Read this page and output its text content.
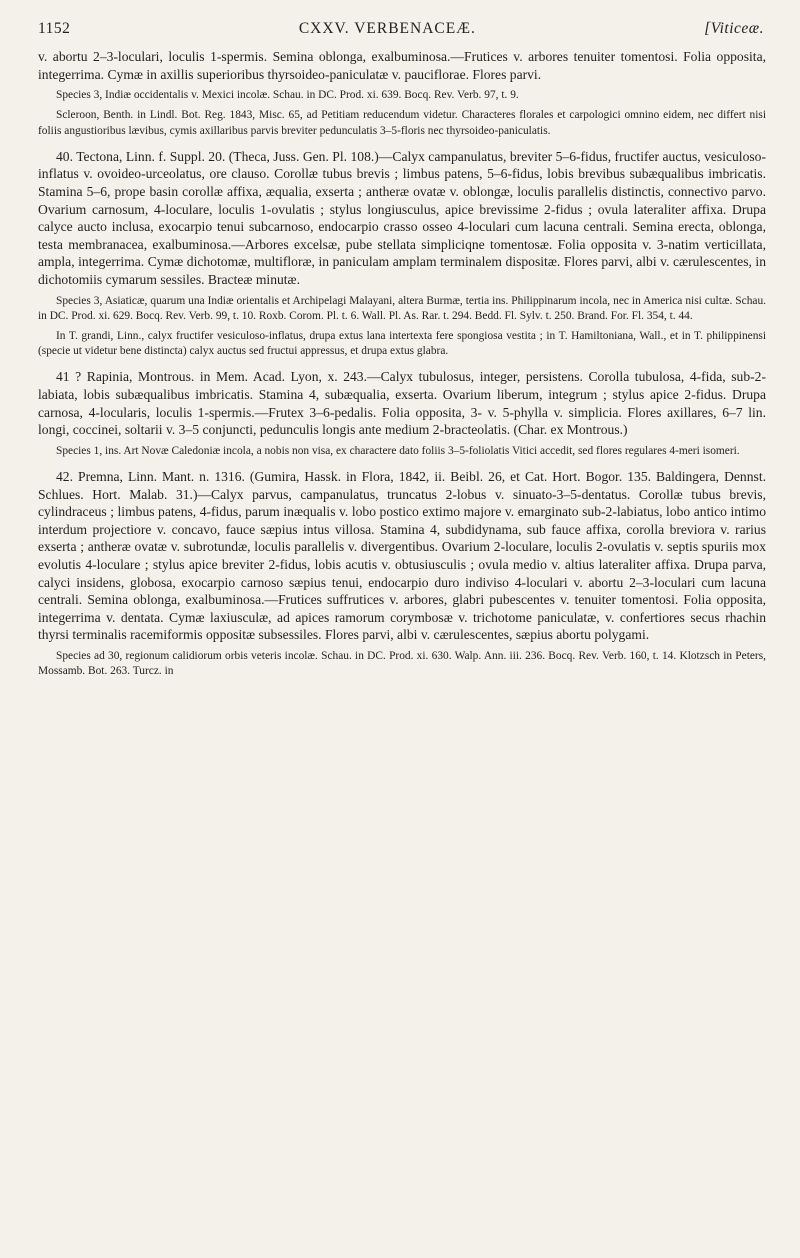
1152	CXXV. VERBENACEÆ.	[Viticeæ.

v. abortu 2–3-loculari, loculis 1-spermis. Semina oblonga, exalbuminosa.—Frutices v. arbores tenuiter tomentosi. Folia opposita, integerrima. Cymæ in axillis superioribus thyrsoideo-paniculatæ v. pauciflorae. Flores parvi.

Species 3, Indiæ occidentalis v. Mexici incolæ. Schau. in DC. Prod. xi. 639. Bocq. Rev. Verb. 97, t. 9.

Scleroon, Benth. in Lindl. Bot. Reg. 1843, Misc. 65, ad Petitiam reducendum videtur. Characteres florales et carpologici omnino eidem, nec differt nisi foliis angustioribus lævibus, cymis axillaribus parvis breviter pedunculatis 3–5-floris nec thyrsoideo-paniculatis.

40. Tectona, Linn. f. Suppl. 20. (Theca, Juss. Gen. Pl. 108.)—Calyx campanulatus, breviter 5–6-fidus, fructifer auctus, vesiculoso-inflatus v. ovoideo-urceolatus, ore clauso. Corollæ tubus brevis ; limbus patens, 5–6-fidus, lobis brevibus subæqualibus imbricatis. Stamina 5–6, prope basin corollæ affixa, æqualia, exserta ; antheræ ovatæ v. oblongæ, loculis parallelis distinctis, connectivo parvo. Ovarium carnosum, 4-loculare, loculis 1-ovulatis ; stylus longiusculus, apice brevissime 2-fidus ; ovula lateraliter affixa. Drupa calyce aucto inclusa, exocarpio tenui subcarnoso, endocarpio crasso osseo 4-loculari cum lacuna centrali. Semina erecta, oblonga, testa membranacea, exalbuminosa.—Arbores excelsæ, pube stellata simpliciqne tomentosæ. Folia opposita v. 3-natim verticillata, ampla, integerrima. Cymæ dichotomæ, multifloræ, in paniculam amplam terminalem dispositæ. Flores parvi, albi v. cærulescentes, in dichotomiis cymarum sessiles. Bracteæ minutæ.

Species 3, Asiaticæ, quarum una Indiæ orientalis et Archipelagi Malayani, altera Burmæ, tertia ins. Philippinarum incola, nec in America nisi cultæ. Schau. in DC. Prod. xi. 629. Bocq. Rev. Verb. 99, t. 10. Roxb. Corom. Pl. t. 6. Wall. Pl. As. Rar. t. 294. Bedd. Fl. Sylv. t. 250. Brand. For. Fl. 354, t. 44.

In T. grandi, Linn., calyx fructifer vesiculoso-inflatus, drupa extus lana intertexta fere spongiosa vestita ; in T. Hamiltoniana, Wall., et in T. philippinensi (specie ut videtur bene distincta) calyx auctus sed fructui appressus, et drupa extus glabra.

41 ? Rapinia, Montrous. in Mem. Acad. Lyon, x. 243.—Calyx tubulosus, integer, persistens. Corolla tubulosa, 4-fida, sub-2-labiata, lobis subæqualibus imbricatis. Stamina 4, subæqualia, exserta. Ovarium liberum, integrum ; stylus apice 2-fidus. Drupa carnosa, 4-locularis, loculis 1-spermis.—Frutex 3–6-pedalis. Folia opposita, 3- v. 5-phylla v. simplicia. Flores axillares, 6–7 lin. longi, coccinei, soltarii v. 3–5 conjuncti, pedunculis longis ante medium 2-bracteolatis. (Char. ex Montrous.)

Species 1, ins. Art Novæ Caledoniæ incola, a nobis non visa, ex charactere dato foliis 3–5-foliolatis Vitici accedit, sed flores regulares 4-meri isomeri.

42. Premna, Linn. Mant. n. 1316. (Gumira, Hassk. in Flora, 1842, ii. Beibl. 26, et Cat. Hort. Bogor. 135. Baldingera, Dennst. Schlues. Hort. Malab. 31.)—Calyx parvus, campanulatus, truncatus 2-lobus v. sinuato-3–5-dentatus. Corollæ tubus brevis, cylindraceus ; limbus patens, 4-fidus, parum inæqualis v. lobo postico extimo majore v. emarginato sub-2-labiatus, lobo antico intimo interdum projectiore v. concavo, fauce sæpius intus villosa. Stamina 4, subdidynama, sub fauce affixa, corolla breviora v. rarius exserta ; antheræ ovatæ v. subrotundæ, loculis parallelis v. divergentibus. Ovarium 2-loculare, loculis 2-ovulatis v. septis spuriis mox evolutis 4-loculare ; stylus apice breviter 2-fidus, lobis acutis v. obtusiusculis ; ovula medio v. altius lateraliter affixa. Drupa parva, calyci insidens, globosa, exocarpio carnoso sæpius tenui, endocarpio duro indiviso 4-loculari v. abortu 2–3-loculari cum lacuna centrali. Semina oblonga, exalbuminosa.—Frutices suffrutices v. arbores, glabri pubescentes v. tenuiter tomentosi. Folia opposita, integerrima v. dentata. Cymæ laxiusculæ, ad apices ramorum corymbosæ v. trichotome paniculatæ, v. confertiores secus rhachin thyrsi terminalis racemiformis oppositæ subsessiles. Flores parvi, albi v. cærulescentes, sæpius abortu polygami.

Species ad 30, regionum calidiorum orbis veteris incolæ. Schau. in DC. Prod. xi. 630. Walp. Ann. iii. 236. Bocq. Rev. Verb. 160, t. 14. Klotzsch in Peters, Mossamb. Bot. 263. Turcz. in
